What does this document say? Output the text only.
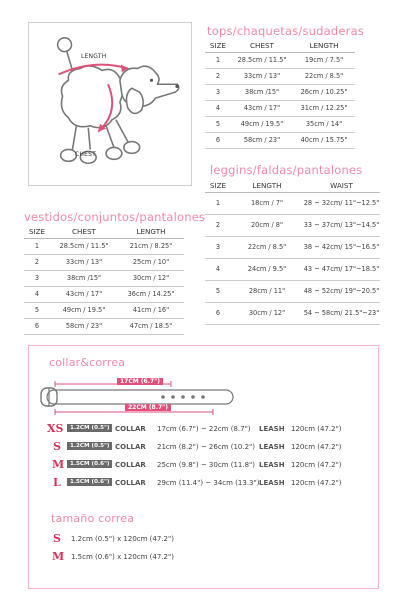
LENGTH
CHEST
tops/chaquetas/sudaderas
SIZE	CHEST	LENGTH
1	28.5cm / 11.5"	19cm / 7.5"
2	33cm / 13"	22cm / 8.5"
3	38cm /15"	26cm / 10.25"
4	43cm / 17"	31cm / 12.25"
5	49cm / 19.5"	35cm / 14"
6	58cm / 23"	40cm / 15.75"
leggins/faldas/pantalones
SIZE	LENGTH	WAIST
1	18cm / 7"	28 ~ 32cm/ 11"~12.5"
2	20cm / 8"	33 ~ 37cm/ 13"~14.5"
3	22cm / 8.5"	38 ~ 42cm/ 15"~16.5"
4	24cm / 9.5"	43 ~ 47cm/ 17"~18.5"
5	28cm / 11"	48 ~ 52cm/ 19"~20.5"
6	30cm / 12"	54 ~ 58cm/ 21.5"~23"
vestidos/conjuntos/pantalones
SIZE	CHEST	LENGTH
1	28.5cm / 11.5"	21cm / 8.25"
2	33cm / 13"	25cm / 10"
3	38cm /15"	30cm / 12"
4	43cm / 17"	36cm / 14.25"
5	49cm / 19.5"	41cm / 16"
6	58cm / 23"	47cm / 18.5"
collar&correa
17CM (6.7")
22CM (8.7")
XS	1.2CM (0.5") COLLAR 17cm (6.7") ~ 22cm (8.7") LEASH 120cm (47.2")
S	1.2CM (0.5") COLLAR 21cm (8.2") ~ 26cm (10.2") LEASH 120cm (47.2")
M	1.5CM (0.6") COLLAR 25cm (9.8") ~ 30cm (11.8") LEASH 120cm (47.2")
L	1.5CM (0.6") COLLAR 29cm (11.4") ~ 34cm (13.3") LEASH 120cm (47.2")
tamaño correa
S 1.2cm (0.5") x 120cm (47.2")
M 1.5cm (0.6") x 120cm (47.2")
